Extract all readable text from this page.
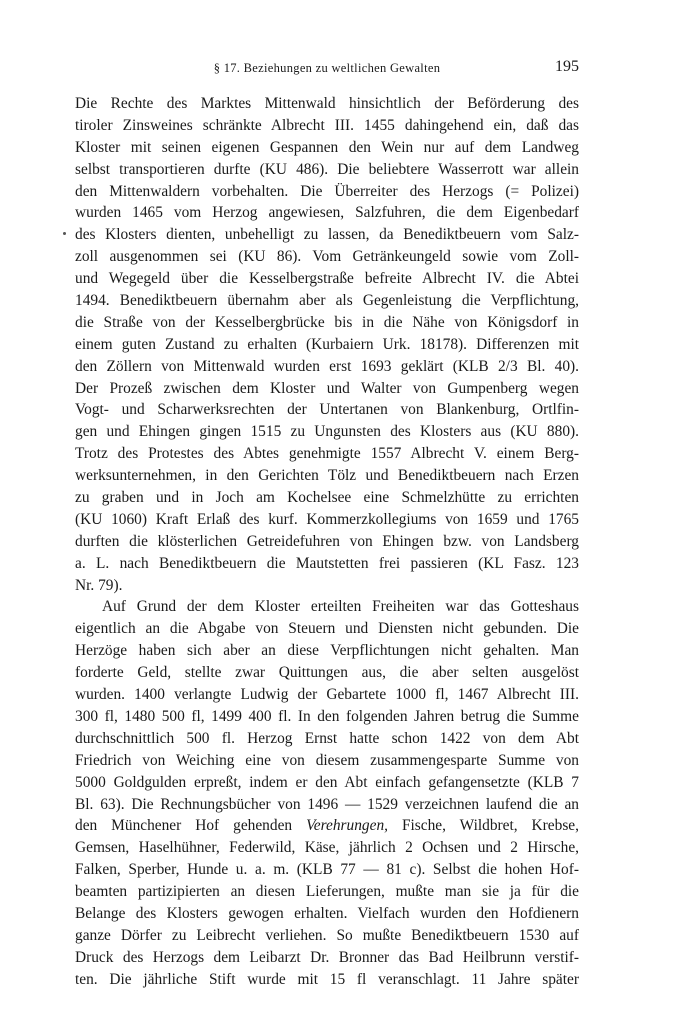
§ 17. Beziehungen zu weltlichen Gewalten	195
Die Rechte des Marktes Mittenwald hinsichtlich der Beförderung des
tiroler Zinsweines schränkte Albrecht III. 1455 dahingehend ein, daß das
Kloster mit seinen eigenen Gespannen den Wein nur auf dem Landweg
selbst transportieren durfte (KU 486). Die beliebtere Wasserrott war allein
den Mittenwaldern vorbehalten. Die Überreiter des Herzogs (= Polizei)
wurden 1465 vom Herzog angewiesen, Salzfuhren, die dem Eigenbedarf
des Klosters dienten, unbehelligt zu lassen, da Benediktbeuern vom Salz-
zoll ausgenommen sei (KU 86). Vom Getränkeungeld sowie vom Zoll-
und Wegegeld über die Kesselbergstraße befreite Albrecht IV. die Abtei
1494. Benediktbeuern übernahm aber als Gegenleistung die Verpflichtung,
die Straße von der Kesselbergbrücke bis in die Nähe von Königsdorf in
einem guten Zustand zu erhalten (Kurbaiern Urk. 18178). Differenzen mit
den Zöllern von Mittenwald wurden erst 1693 geklärt (KLB 2/3 Bl. 40).
Der Prozeß zwischen dem Kloster und Walter von Gumpenberg wegen
Vogt- und Scharwerksrechten der Untertanen von Blankenburg, Ortlfin-
gen und Ehingen gingen 1515 zu Ungunsten des Klosters aus (KU 880).
Trotz des Protestes des Abtes genehmigte 1557 Albrecht V. einem Berg-
werksunternehmen, in den Gerichten Tölz und Benediktbeuern nach Erzen
zu graben und in Joch am Kochelsee eine Schmelzhütte zu errichten
(KU 1060) Kraft Erlaß des kurf. Kommerzkollegiums von 1659 und 1765
durften die klösterlichen Getreidefuhren von Ehingen bzw. von Landsberg
a. L. nach Benediktbeuern die Mautstetten frei passieren (KL Fasz. 123
Nr. 79).
Auf Grund der dem Kloster erteilten Freiheiten war das Gotteshaus
eigentlich an die Abgabe von Steuern und Diensten nicht gebunden. Die
Herzöge haben sich aber an diese Verpflichtungen nicht gehalten. Man
forderte Geld, stellte zwar Quittungen aus, die aber selten ausgelöst
wurden. 1400 verlangte Ludwig der Gebartete 1000 fl, 1467 Albrecht III.
300 fl, 1480 500 fl, 1499 400 fl. In den folgenden Jahren betrug die Summe
durchschnittlich 500 fl. Herzog Ernst hatte schon 1422 von dem Abt
Friedrich von Weiching eine von diesem zusammengesparte Summe von
5000 Goldgulden erpreßt, indem er den Abt einfach gefangensetzte (KLB 7
Bl. 63). Die Rechnungsbücher von 1496 — 1529 verzeichnen laufend die an
den Münchener Hof gehenden Verehrungen, Fische, Wildbret, Krebse,
Gemsen, Haselhühner, Federwild, Käse, jährlich 2 Ochsen und 2 Hirsche,
Falken, Sperber, Hunde u. a. m. (KLB 77 — 81 c). Selbst die hohen Hof-
beamten partizipierten an diesen Lieferungen, mußte man sie ja für die
Belange des Klosters gewogen erhalten. Vielfach wurden den Hofdienern
ganze Dörfer zu Leibrecht verliehen. So mußte Benediktbeuern 1530 auf
Druck des Herzogs dem Leibarzt Dr. Bronner das Bad Heilbrunn verstif-
ten. Die jährliche Stift wurde mit 15 fl veranschlagt. 11 Jahre später
